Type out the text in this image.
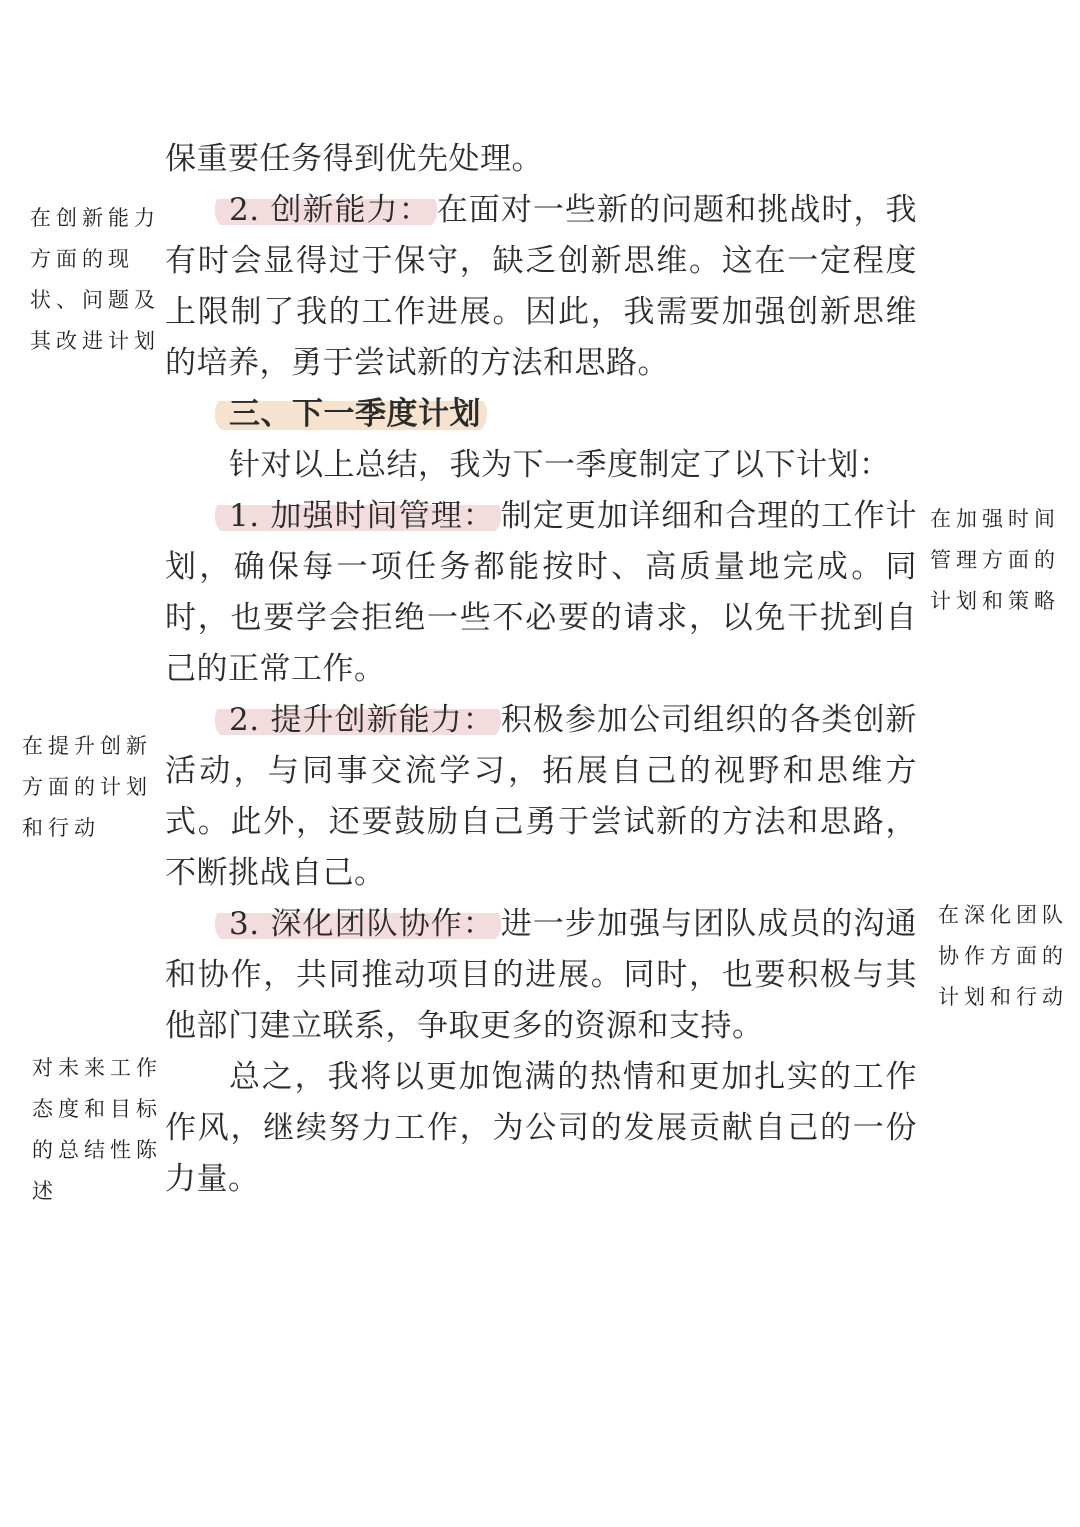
保重要任务得到优先处理。

2. 创新能力： 在面对一些新的问题和挑战时，我有时会显得过于保守，缺乏创新思维。这在一定程度上限制了我的工作进展。因此，我需要加强创新思维的培养，勇于尝试新的方法和思路。

三、下一季度计划

针对以上总结，我为下一季度制定了以下计划：

1. 加强时间管理： 制定更加详细和合理的工作计划，确保每一项任务都能按时、高质量地完成。同时，也要学会拒绝一些不必要的请求，以免干扰到自己的正常工作。

2. 提升创新能力： 积极参加公司组织的各类创新活动，与同事交流学习，拓展自己的视野和思维方式。此外，还要鼓励自己勇于尝试新的方法和思路，不断挑战自己。

3. 深化团队协作： 进一步加强与团队成员的沟通和协作，共同推动项目的进展。同时，也要积极与其他部门建立联系，争取更多的资源和支持。

总之，我将以更加饱满的热情和更加扎实的工作作风，继续努力工作，为公司的发展贡献自己的一份力量。

在创新能力方面的现状、问题及其改进计划
在加强时间管理方面的计划和策略
在提升创新方面的计划和行动
在深化团队协作方面的计划和行动
对未来工作态度和目标的总结性陈述
